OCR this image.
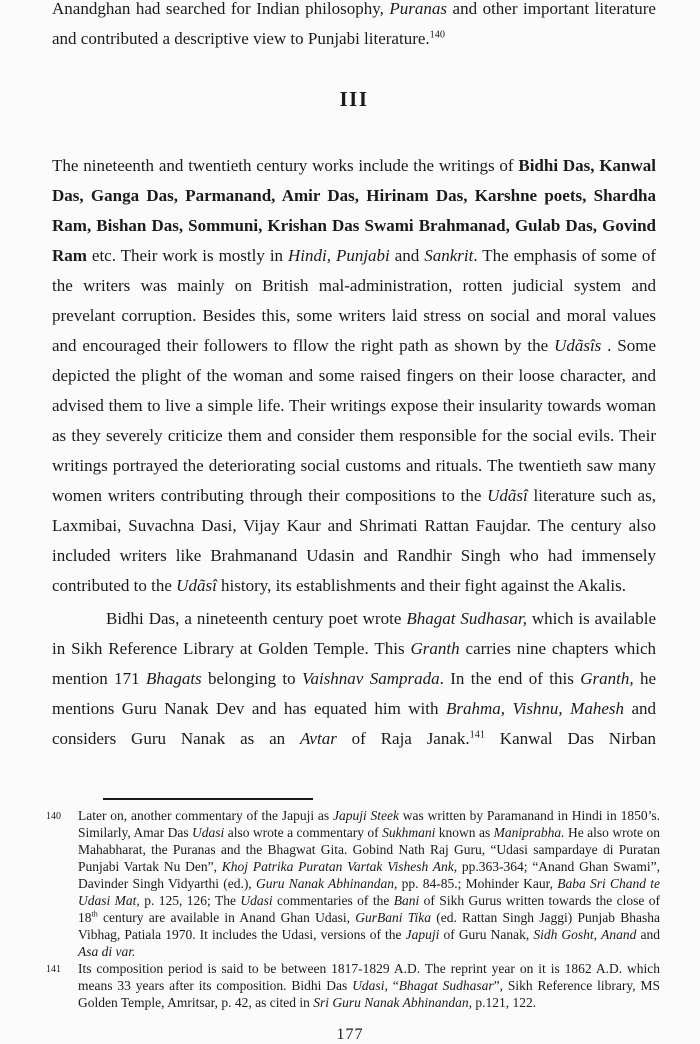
Anandghan had searched for Indian philosophy, Puranas and other important literature and contributed a descriptive view to Punjabi literature.$^{140}$

III

The nineteenth and twentieth century works include the writings of Bidhi Das, Kanwal Das, Ganga Das, Parmanand, Amir Das, Hirinam Das, Karshne poets, Shardha Ram, Bishan Das, Sommuni, Krishan Das Swami Brahmanad, Gulab Das, Govind Ram etc. Their work is mostly in Hindi, Punjabi and Sankrit. The emphasis of some of the writers was mainly on British mal-administration, rotten judicial system and prevelant corruption. Besides this, some writers laid stress on social and moral values and encouraged their followers to fllow the right path as shown by the Udãsîs . Some depicted the plight of the woman and some raised fingers on their loose character, and advised them to live a simple life. Their writings expose their insularity towards woman as they severely criticize them and consider them responsible for the social evils. Their writings portrayed the deteriorating social customs and rituals. The twentieth saw many women writers contributing through their compositions to the Udãsî literature such as, Laxmibai, Suvachna Dasi, Vijay Kaur and Shrimati Rattan Faujdar. The century also included writers like Brahmanand Udasin and Randhir Singh who had immensely contributed to the Udãsî history, its establishments and their fight against the Akalis.

Bidhi Das, a nineteenth century poet wrote Bhagat Sudhasar, which is available in Sikh Reference Library at Golden Temple. This Granth carries nine chapters which mention 171 Bhagats belonging to Vaishnav Samprada. In the end of this Granth, he mentions Guru Nanak Dev and has equated him with Brahma, Vishnu, Mahesh and considers Guru Nanak as an Avtar of Raja Janak.$^{141}$ Kanwal Das Nirban

140 Later on, another commentary of the Japuji as Japuji Steek was written by Paramanand in Hindi in 1850’s. Similarly, Amar Das Udasi also wrote a commentary of Sukhmani known as Maniprabha. He also wrote on Mahabharat, the Puranas and the Bhagwat Gita. Gobind Nath Raj Guru, “Udasi sampardaye di Puratan Punjabi Vartak Nu Den”, Khoj Patrika Puratan Vartak Vishesh Ank, pp.363-364; “Anand Ghan Swami”, Davinder Singh Vidyarthi (ed.), Guru Nanak Abhinandan, pp. 84-85.; Mohinder Kaur, Baba Sri Chand te Udasi Mat, p. 125, 126; The Udasi commentaries of the Bani of Sikh Gurus written towards the close of 18th century are available in Anand Ghan Udasi, GurBani Tika (ed. Rattan Singh Jaggi) Punjab Bhasha Vibhag, Patiala 1970. It includes the Udasi, versions of the Japuji of Guru Nanak, Sidh Gosht, Anand and Asa di var.
141 Its composition period is said to be between 1817-1829 A.D. The reprint year on it is 1862 A.D. which means 33 years after its composition. Bidhi Das Udasi, “Bhagat Sudhasar”, Sikh Reference library, MS Golden Temple, Amritsar, p. 42, as cited in Sri Guru Nanak Abhinandan, p.121, 122.
177
